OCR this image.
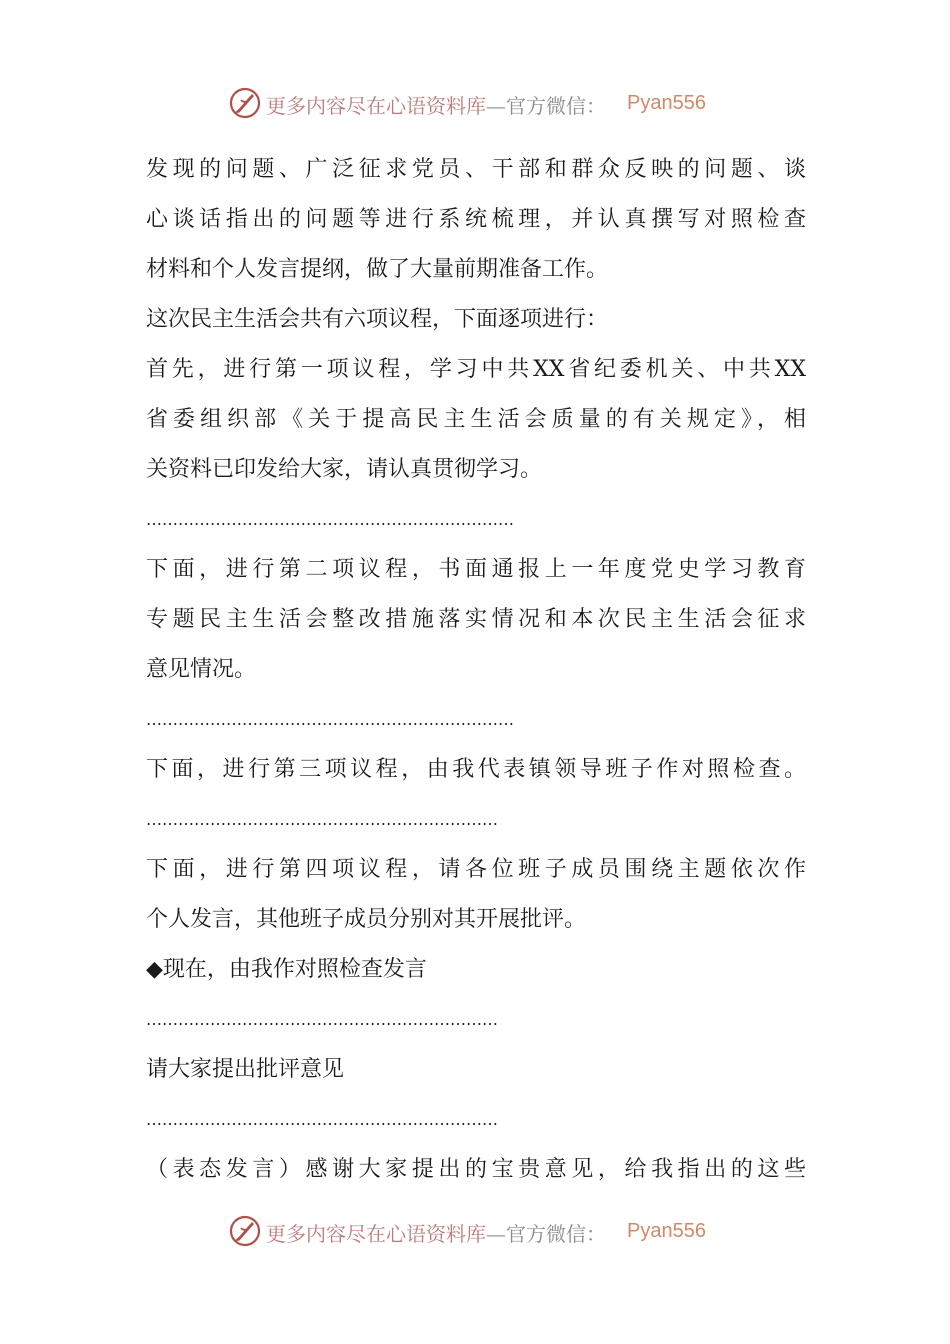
更多内容尽在心语资料库—官方微信： Pyan556
发现的问题、广泛征求党员、干部和群众反映的问题、谈
心谈话指出的问题等进行系统梳理，并认真撰写对照检查
材料和个人发言提纲，做了大量前期准备工作。
这次民主生活会共有六项议程，下面逐项进行：
首先，进行第一项议程，学习中共XX省纪委机关、中共XX
省委组织部《关于提高民主生活会质量的有关规定》，相
关资料已印发给大家，请认真贯彻学习。
……………………………………………………………
下面，进行第二项议程，书面通报上一年度党史学习教育
专题民主生活会整改措施落实情况和本次民主生活会征求
意见情况。
……………………………………………………………
下面，进行第三项议程，由我代表镇领导班子作对照检查。
…………………………………………………………
下面，进行第四项议程，请各位班子成员围绕主题依次作
个人发言，其他班子成员分别对其开展批评。
◆现在，由我作对照检查发言
…………………………………………………………
请大家提出批评意见
…………………………………………………………
（表态发言）感谢大家提出的宝贵意见，给我指出的这些
更多内容尽在心语资料库—官方微信： Pyan556
